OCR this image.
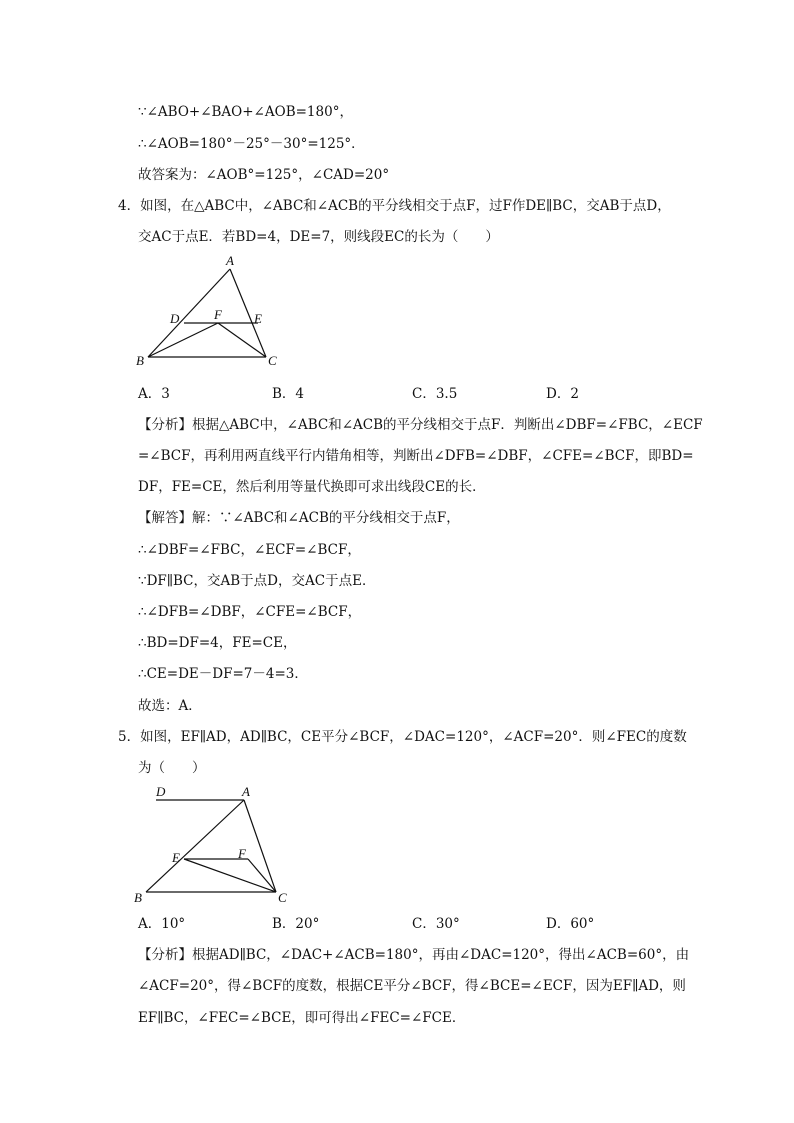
∵∠ABO+∠BAO+∠AOB=180°，
∴∠AOB=180°－25°－30°=125°．
故答案为：∠AOB°=125°，∠CAD=20°
4．如图，在△ABC中，∠ABC和∠ACB的平分线相交于点F，过F作DE∥BC，交AB于点D，
交AC于点E．若BD=4，DE=7，则线段EC的长为（　　）
A
B	C
D	E
F
A．3	B．4	C．3.5	D．2
【分析】根据△ABC中，∠ABC和∠ACB的平分线相交于点F．判断出∠DBF=∠FBC，∠ECF
=∠BCF，再利用两直线平行内错角相等，判断出∠DFB=∠DBF，∠CFE=∠BCF，即BD=
DF，FE=CE，然后利用等量代换即可求出线段CE的长．
【解答】解：∵∠ABC和∠ACB的平分线相交于点F，
∴∠DBF=∠FBC，∠ECF=∠BCF，
∵DF∥BC，交AB于点D，交AC于点E．
∴∠DFB=∠DBF，∠CFE=∠BCF，
∴BD=DF=4，FE=CE，
∴CE=DE－DF=7－4=3．
故选：A．
5．如图，EF∥AD，AD∥BC，CE平分∠BCF，∠DAC=120°，∠ACF=20°．则∠FEC的度数
为（　　）
D	A
E	F
B	C
A．10°	B．20°	C．30°	D．60°
【分析】根据AD∥BC，∠DAC+∠ACB=180°，再由∠DAC=120°，得出∠ACB=60°，由
∠ACF=20°，得∠BCF的度数，根据CE平分∠BCF，得∠BCE=∠ECF，因为EF∥AD，则
EF∥BC，∠FEC=∠BCE，即可得出∠FEC=∠FCE．
